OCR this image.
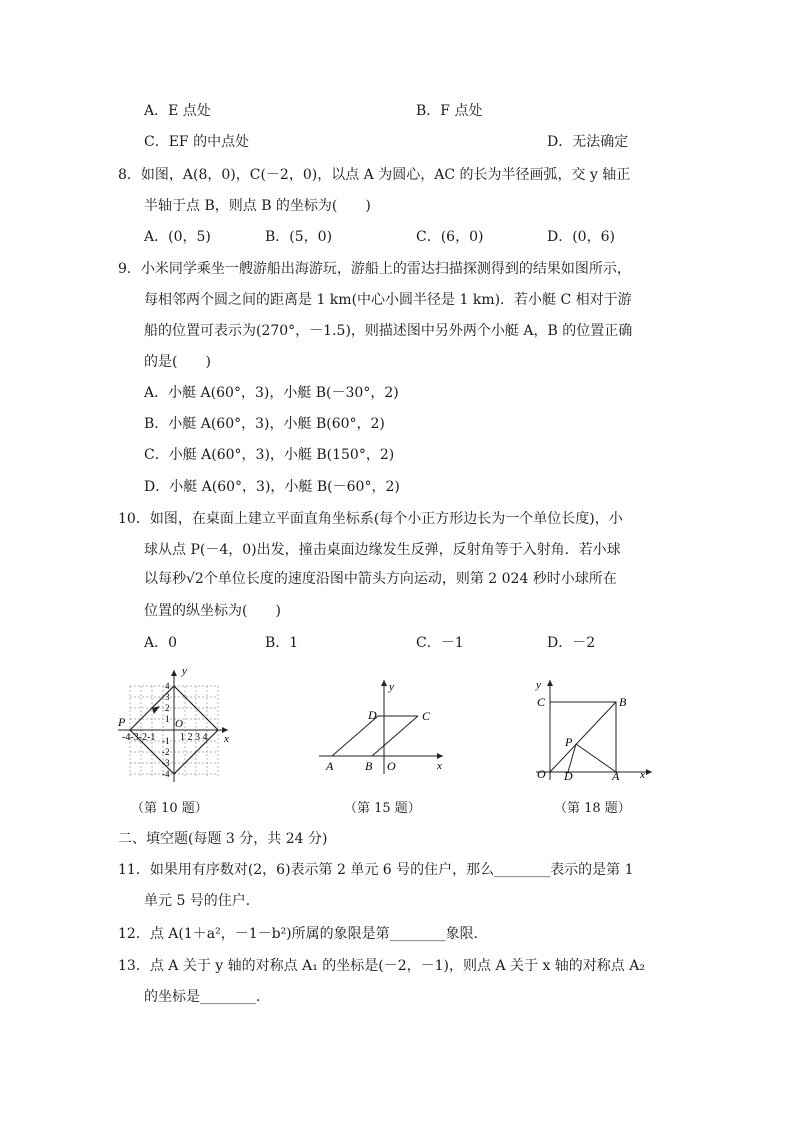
A．E 点处	B．F 点处
C．EF 的中点处	D．无法确定
8．如图，A(8，0)，C(－2，0)，以点 A 为圆心，AC 的长为半径画弧，交 y 轴正
半轴于点 B，则点 B 的坐标为(　　)
A．(0，5)	B．(5，0)	C．(6，0)	D．(0，6)
9．小米同学乘坐一艘游船出海游玩，游船上的雷达扫描探测得到的结果如图所示，
每相邻两个圆之间的距离是 1 km(中心小圆半径是 1 km)．若小艇 C 相对于游
船的位置可表示为(270°，－1.5)，则描述图中另外两个小艇 A，B 的位置正确
的是(　　)
A．小艇 A(60°，3)，小艇 B(－30°，2)
B．小艇 A(60°，3)，小艇 B(60°，2)
C．小艇 A(60°，3)，小艇 B(150°，2)
D．小艇 A(60°，3)，小艇 B(－60°，2)
10．如图，在桌面上建立平面直角坐标系(每个小正方形边长为一个单位长度)，小
球从点 P(－4，0)出发，撞击桌面边缘发生反弹，反射角等于入射角．若小球
以每秒√2个单位长度的速度沿图中箭头方向运动，则第 2 024 秒时小球所在
位置的纵坐标为(　　)
A．0	B．1	C．－1	D．－2
y
x
P	O
-4-3-2-1 1 2 3 4
4
3
2
1
-1
-2
-3
-4
（第 10 题）
y
x
D	C
A	B O
（第 15 题）
y
x
C	B
P
O D	A
（第 18 题）
二、填空题(每题 3 分，共 24 分)
11．如果用有序数对(2，6)表示第 2 单元 6 号的住户，那么________表示的是第 1
单元 5 号的住户．
12．点 A(1＋a²，－1－b²)所属的象限是第________象限．
13．点 A 关于 y 轴的对称点 A₁ 的坐标是(－2，－1)，则点 A 关于 x 轴的对称点 A₂
的坐标是________．
